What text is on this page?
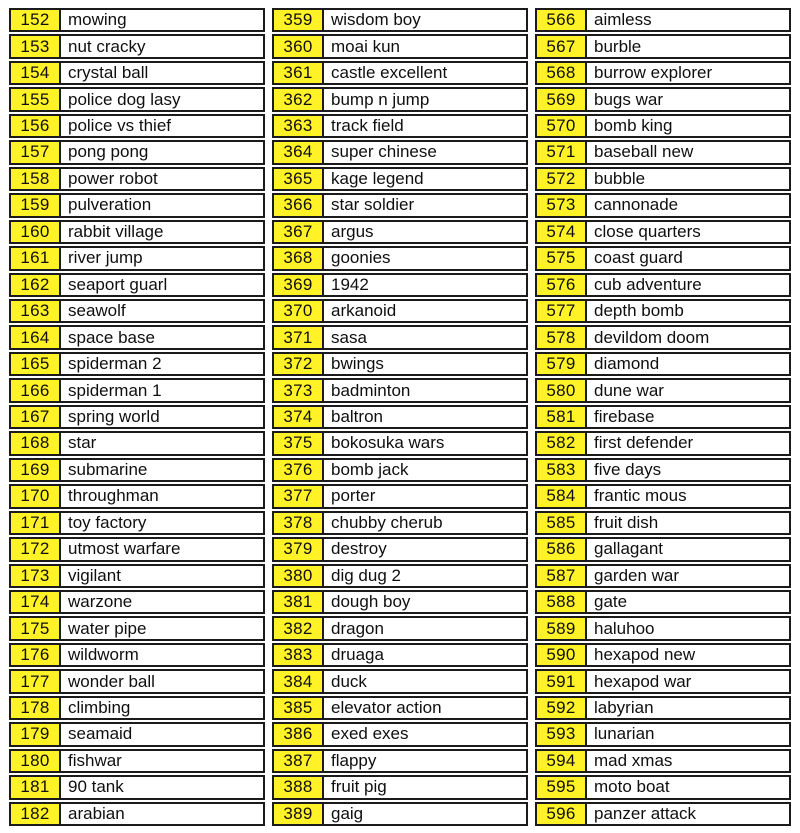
152	mowing
153	nut cracky
154	crystal ball
155	police dog lasy
156	police vs thief
157	pong pong
158	power robot
159	pulveration
160	rabbit village
161	river jump
162	seaport guarl
163	seawolf
164	space base
165	spiderman 2
166	spiderman 1
167	spring world
168	star
169	submarine
170	throughman
171	toy factory
172	utmost warfare
173	vigilant
174	warzone
175	water pipe
176	wildworm
177	wonder ball
178	climbing
179	seamaid
180	fishwar
181	90 tank
182	arabian
359	wisdom boy
360	moai kun
361	castle excellent
362	bump n jump
363	track field
364	super chinese
365	kage legend
366	star soldier
367	argus
368	goonies
369	1942
370	arkanoid
371	sasa
372	bwings
373	badminton
374	baltron
375	bokosuka wars
376	bomb jack
377	porter
378	chubby cherub
379	destroy
380	dig dug 2
381	dough boy
382	dragon
383	druaga
384	duck
385	elevator action
386	exed exes
387	flappy
388	fruit pig
389	gaig
566	aimless
567	burble
568	burrow explorer
569	bugs war
570	bomb king
571	baseball new
572	bubble
573	cannonade
574	close quarters
575	coast guard
576	cub adventure
577	depth bomb
578	devildom doom
579	diamond
580	dune war
581	firebase
582	first defender
583	five days
584	frantic mous
585	fruit dish
586	gallagant
587	garden war
588	gate
589	haluhoo
590	hexapod new
591	hexapod war
592	labyrian
593	lunarian
594	mad xmas
595	moto boat
596	panzer attack
